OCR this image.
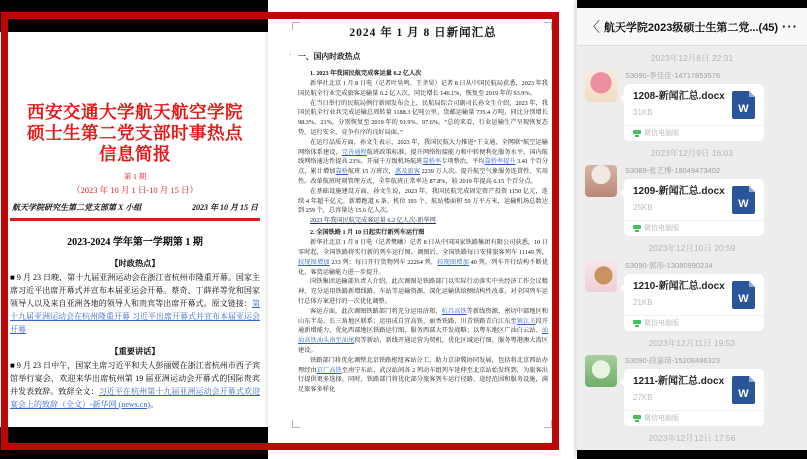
西安交通大学航天航空学院
硕士生第二党支部时事热点
信息简报
第 1 期
（2023 年 10 月 1 日-10 月 15 日）
航天学院研究生第二党支部第 X 小组	2023 年 10 月 15 日
2023-2024 学年第一学期第 1 期
【时政热点】
■ 9 月 23 日晚，第十九届亚洲运动会在浙江省杭州市隆重开幕。国家主席习近平出席开幕式并宣布本届亚运会开幕。蔡奇、丁薛祥等党和国家领导人以及来自亚洲各地的领导人和贵宾等出席开幕式。原文链接：第十九届亚洲运动会在杭州隆重开幕 习近平出席开幕式并宣布本届亚运会开幕
【重要讲话】
■ 9 月 23 日中午，国家主席习近平和夫人彭丽媛在浙江省杭州市西子宾馆举行宴会，欢迎来华出席杭州第 19 届亚洲运动会开幕式的国际贵宾并发表致辞。致辞全文：习近平在杭州第十九届亚洲运动会开幕式欢迎宴会上的致辞（全文）-新华网 (news.cn)。
2024 年 1 月 8 日新闻汇总
· 一、国内时政热点
1. 2023 年我国民航完成客运量 6.2 亿人次
新华社北京 1 月 8 日电（记者叶昊鸣、王聿昊）记者 8 日从中国民航局获悉，2023 年我国民航全行业完成旅客运输量 6.2 亿人次，同比增长 146.1%，恢复至 2019 年的 93.9%。
在当日举行的民航局例行新闻发布会上，民航局综合司副司长孙文生介绍，2023 年，我国民航全行业共完成运输总周转量 1188.3 亿吨公里、货邮运输量 735.4 万吨，同比分别增长 98.3%、21%，分别恢复至 2019 年的 91.9%、97.6%。“总的来看，行业运输生产呈现恢复态势，运行安全、竞争有序的良好局面。”
在运行品质方面，孙文生表示，2023 年，我国民航大力推进“干支通、全网联”航空运输网络体系建设，完善通程航班政策标准，提升网络衔接能力和中转便利化服务水平，国内航线网络通达性提高 23%。开展千万级机场航班靠桥率专项整治，平均靠桥率提升 3.41 个百分点，累计增加靠桥航班 15 万班次，惠及旅客 2239 万人次。提升航空气象服务连贯性、实用性。改革航班时刻管理方式，全年航班正常率达 87.8%，较 2019 年提高 6.15 个百分点。
在基础设施建设方面，孙文生说，2023 年，我国民航完成固定资产投资 1150 亿元，连续 4 年超千亿元。新增跑道 6 条、机位 193 个、航站楼面积 59 万平方米，运输机场总数达到 259 个，总容量达 15.6 亿人次。
2023 年我国民航完成客运量 6.2 亿人次-新华网
2. 全国铁路 1 月 10 日起实行新列车运行图
新华社北京 1 月 8 日电（记者樊曦）记者 8 日从中国国家铁路集团有限公司获悉，10 日零时起，全国铁路将实行新的列车运行图。调图后，全国铁路每日安排旅客列车 11149 列，较现图增加 233 列；每日开行货物列车 22264 列，较现图增加 40 列，列车开行结构不断优化，客货运输能力进一步提升。
国铁集团运输部负责人介绍，此次调图是铁路部门以实际行动落实中央经济工作会议精神，充分运用铁路新增线路、车站等运输资源，深化运输供给侧结构性改革，对全国列车运行总体方案进行的一次优化调整。
客运方面，此次调图铁路部门将充分运用济郑、杭昌高铁等新线资源，密切中部地区和山东半岛、长三角地区联系；运用成自宜高铁、丽香铁路、川青铁路青白江东至镇江关段开通新增能力，优化西部地区铁路运行图，服务西部大开发战略；以粤东地区广汕白云站、汕汕高铁汕头南至汕尾段等新站、新线开通运营为契机，优化区域运行图，服务粤港澳大湾区建设。
铁路部门将优化调整北京铁路枢纽客站分工，助力京津冀协同发展，包括将北京西站办理经由京广高铁至南宁东站、武汉站间各 2 列动车组列车延伸至北京站始发终到，为旅客出行提供更多选择。同时，铁路部门将优化部分旅客列车运行径路、途经范围和服务设施，满足旅客多样化
〈 航天学院2023级硕士生第二党...(45) ···
2023年12月8日 22:31
S3090-李佳佳-14717853578
1208-新闻汇总.docx
31KB	W
微信电脑版
2023年12月9日 16:03
S3089-张艺博-18049473402
1209-新闻汇总.docx
25KB	W
微信电脑版
2023年12月10日 20:59
S3090-郭彤-13080990234
1210-新闻汇总.docx
21KB	W
微信电脑版
2023年12月11日 19:53
S3090-段嘉琦-15208486323
1211-新闻汇总.docx
27KB	W
微信电脑版
2023年12月12日 17:56
